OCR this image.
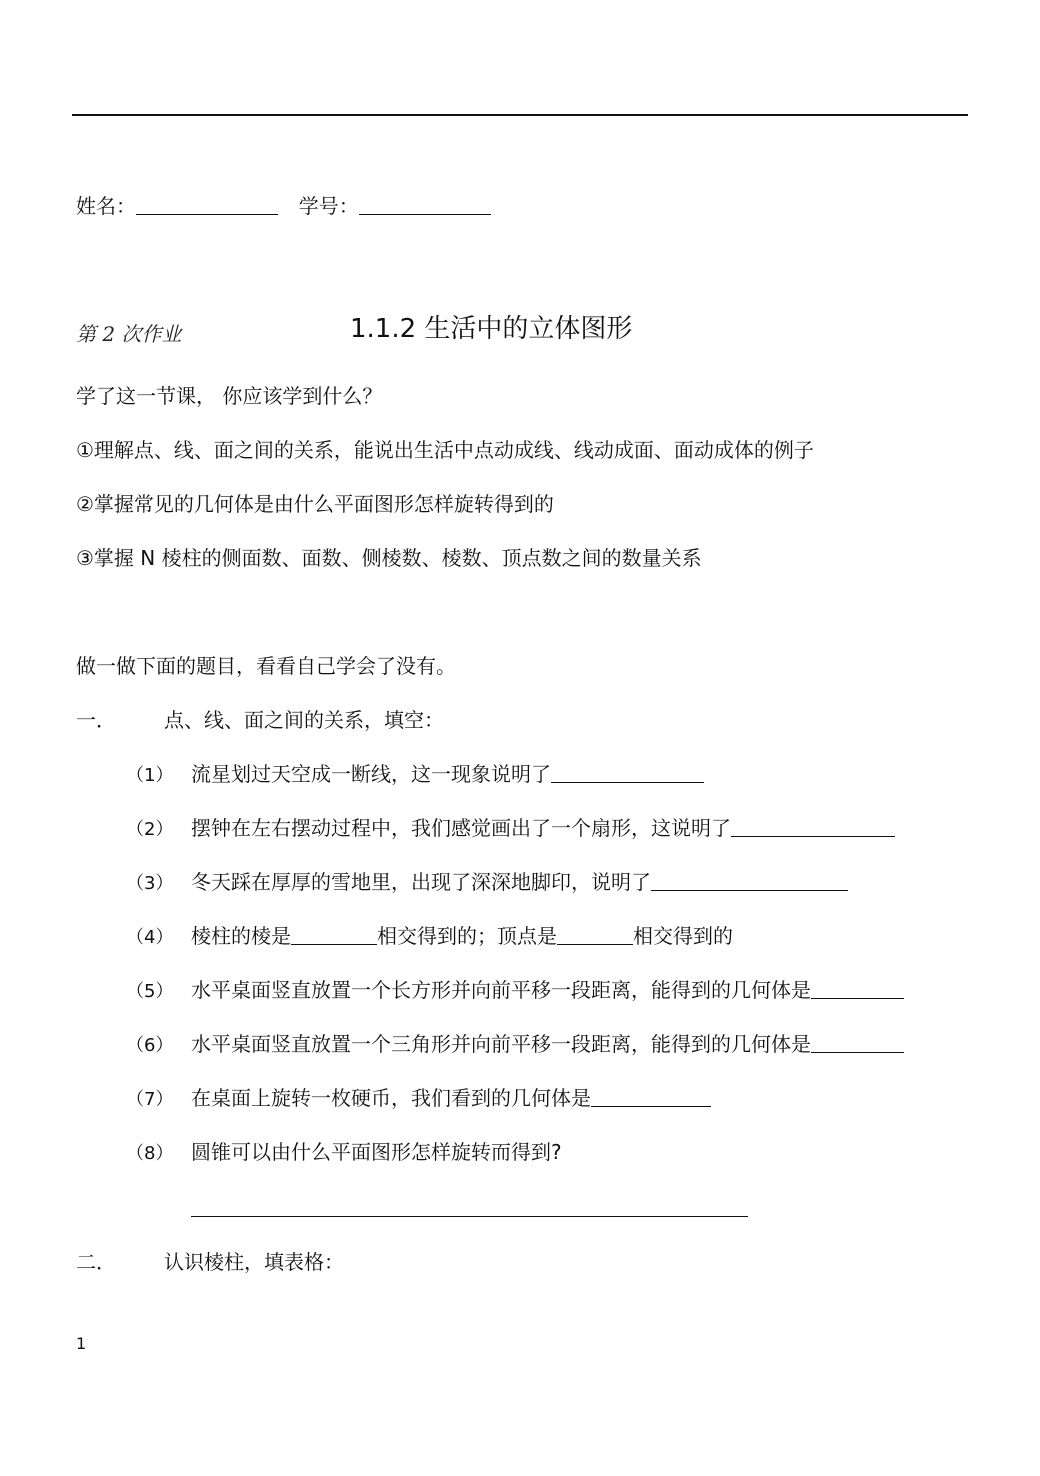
姓名：	学号：
第 2 次作业	1.1.2 生活中的立体图形
学了这一节课， 你应该学到什么？
①理解点、线、面之间的关系，能说出生活中点动成线、线动成面、面动成体的例子
②掌握常见的几何体是由什么平面图形怎样旋转得到的
③掌握 N 棱柱的侧面数、面数、侧棱数、棱数、顶点数之间的数量关系
做一做下面的题目，看看自己学会了没有。
一． 点、线、面之间的关系，填空：
（1） 流星划过天空成一断线，这一现象说明了
（2） 摆钟在左右摆动过程中，我们感觉画出了一个扇形，这说明了
（3） 冬天踩在厚厚的雪地里，出现了深深地脚印，说明了
（4） 棱柱的棱是	相交得到的；顶点是	相交得到的
（5） 水平桌面竖直放置一个长方形并向前平移一段距离，能得到的几何体是
（6） 水平桌面竖直放置一个三角形并向前平移一段距离，能得到的几何体是
（7） 在桌面上旋转一枚硬币，我们看到的几何体是
（8） 圆锥可以由什么平面图形怎样旋转而得到?
二． 认识棱柱，填表格：
1
